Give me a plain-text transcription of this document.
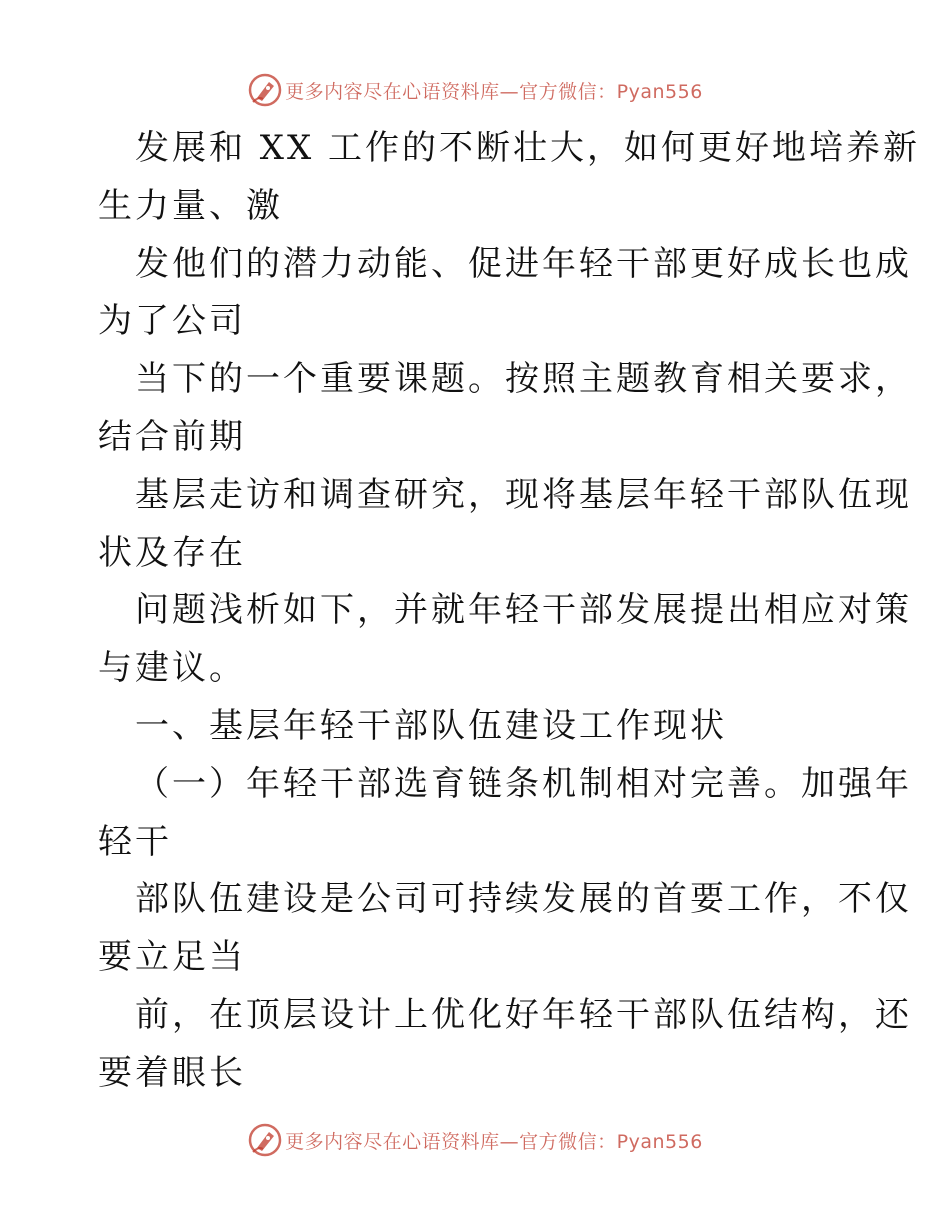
更多内容尽在心语资料库—官方微信：Pyan556
发展和 XX 工作的不断壮大，如何更好地培养新
生力量、激
发他们的潜力动能、促进年轻干部更好成长也成
为了公司
当下的一个重要课题。按照主题教育相关要求，
结合前期
基层走访和调查研究，现将基层年轻干部队伍现
状及存在
问题浅析如下，并就年轻干部发展提出相应对策
与建议。
一、基层年轻干部队伍建设工作现状
（一）年轻干部选育链条机制相对完善。加强年
轻干
部队伍建设是公司可持续发展的首要工作，不仅
要立足当
前，在顶层设计上优化好年轻干部队伍结构，还
要着眼长
更多内容尽在心语资料库—官方微信：Pyan556
